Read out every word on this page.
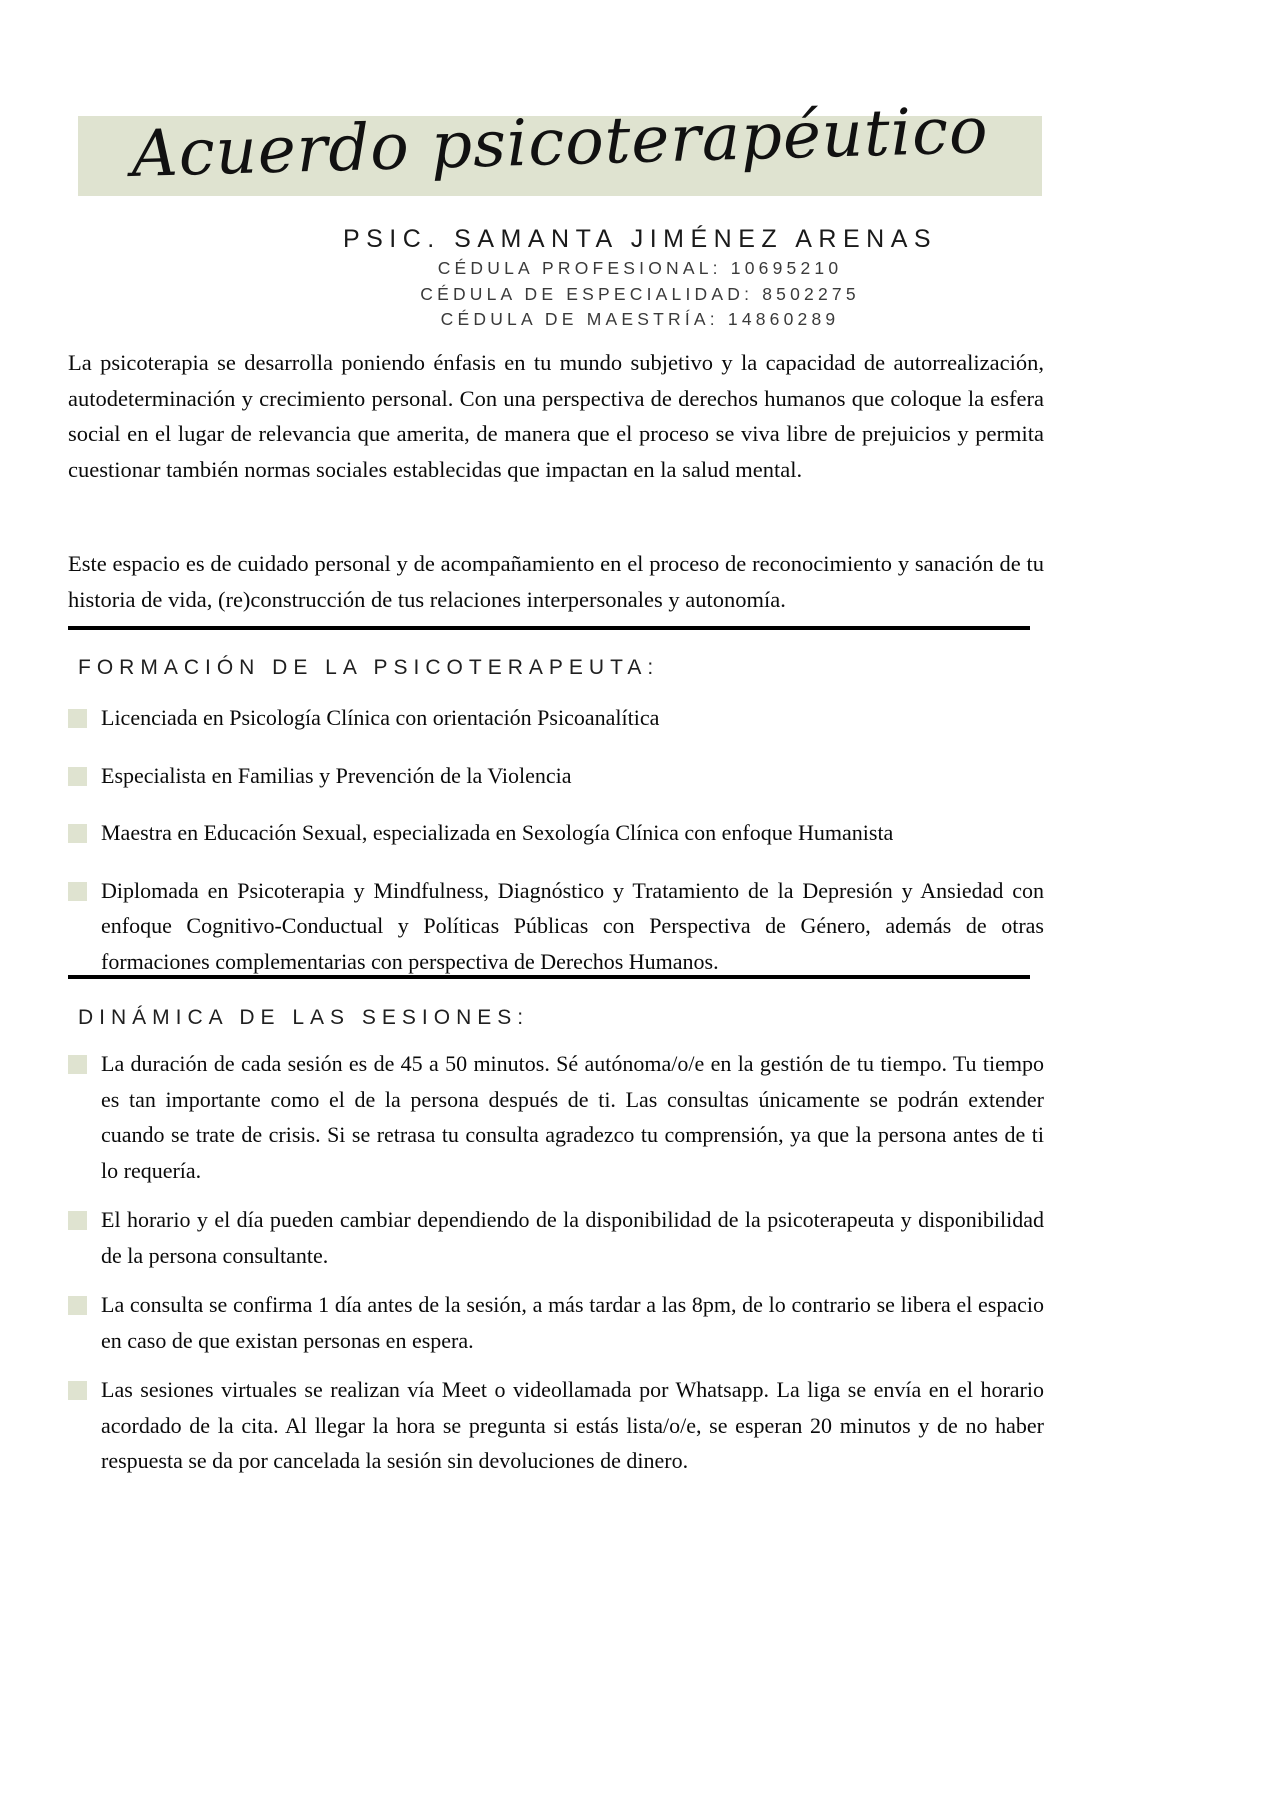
Acuerdo psicoterapéutico
PSIC. SAMANTA JIMÉNEZ ARENAS
CÉDULA PROFESIONAL: 10695210
CÉDULA DE ESPECIALIDAD: 8502275
CÉDULA DE MAESTRÍA: 14860289
La psicoterapia se desarrolla poniendo énfasis en tu mundo subjetivo y la capacidad de autorrealización, autodeterminación y crecimiento personal. Con una perspectiva de derechos humanos que coloque la esfera social en el lugar de relevancia que amerita, de manera que el proceso se viva libre de prejuicios y permita cuestionar también normas sociales establecidas que impactan en la salud mental.
Este espacio es de cuidado personal y de acompañamiento en el proceso de reconocimiento y sanación de tu historia de vida, (re)construcción de tus relaciones interpersonales y autonomía.
FORMACIÓN DE LA PSICOTERAPEUTA:
Licenciada en Psicología Clínica con orientación Psicoanalítica
Especialista en Familias y Prevención de la Violencia
Maestra en Educación Sexual, especializada en Sexología Clínica con enfoque Humanista
Diplomada en Psicoterapia y Mindfulness, Diagnóstico y Tratamiento de la Depresión y Ansiedad con enfoque Cognitivo-Conductual y Políticas Públicas con Perspectiva de Género, además de otras formaciones complementarias con perspectiva de Derechos Humanos.
DINÁMICA DE LAS SESIONES:
La duración de cada sesión es de 45 a 50 minutos. Sé autónoma/o/e en la gestión de tu tiempo. Tu tiempo es tan importante como el de la persona después de ti. Las consultas únicamente se podrán extender cuando se trate de crisis. Si se retrasa tu consulta agradezco tu comprensión, ya que la persona antes de ti lo requería.
El horario y el día pueden cambiar dependiendo de la disponibilidad de la psicoterapeuta y disponibilidad de la persona consultante.
La consulta se confirma 1 día antes de la sesión, a más tardar a las 8pm, de lo contrario se libera el espacio en caso de que existan personas en espera.
Las sesiones virtuales se realizan vía Meet o videollamada por Whatsapp. La liga se envía en el horario acordado de la cita. Al llegar la hora se pregunta si estás lista/o/e, se esperan 20 minutos y de no haber respuesta se da por cancelada la sesión sin devoluciones de dinero.
